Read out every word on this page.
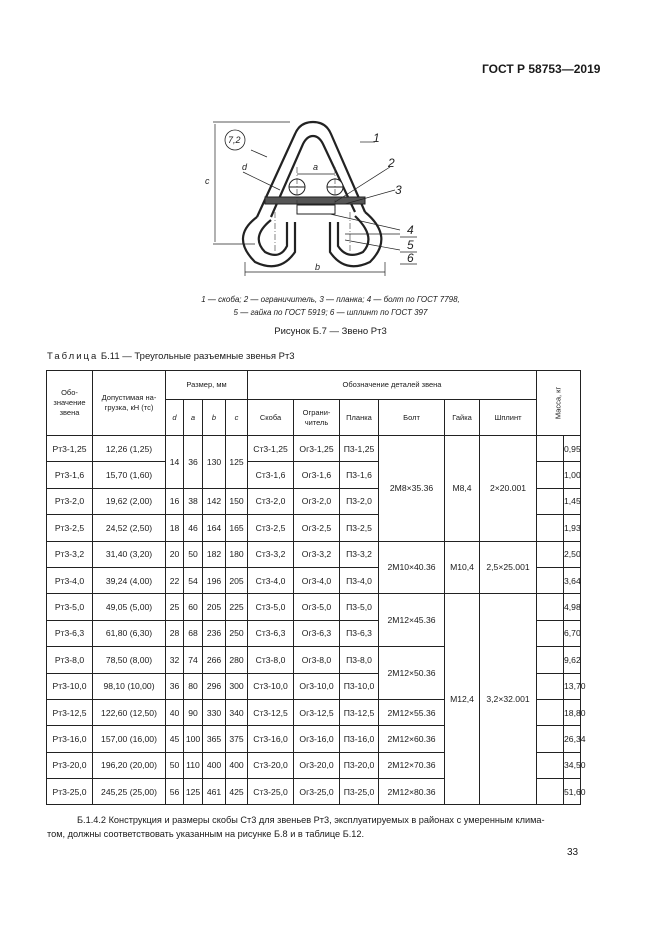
ГОСТ Р 58753—2019
7,2
c
d	a
b
1
2
3
4
5
6
1 — скоба; 2 — ограничитель, 3 — планка; 4 — болт по ГОСТ 7798,
5 — гайка по ГОСТ 5919; 6 — шплинт по ГОСТ 397
Рисунок Б.7 — Звено Рт3
Таблица Б.11 — Треугольные разъемные звенья Рт3
Обо-значение звена	Допустимая на-грузка, кН (тс)	Размер, мм				Обозначение деталей звена						Масса, кг	

		d	a	b	c	Скоба	Ограни-читель	Планка	Болт	Гайка	Шплинт		
Рт3-1,25	12,26 (1,25)	14	36	130	125	Ст3-1,25	Ог3-1,25	П3-1,25	2М8×35.36	М8,4	2×20.001		0,95
Рт3-1,6	15,70 (1,60)					Ст3-1,6	Ог3-1,6	П3-1,6					1,00
Рт3-2,0	19,62 (2,00)	16	38	142	150	Ст3-2,0	Ог3-2,0	П3-2,0					1,45
Рт3-2,5	24,52 (2,50)	18	46	164	165	Ст3-2,5	Ог3-2,5	П3-2,5					1,93
Рт3-3,2	31,40 (3,20)	20	50	182	180	Ст3-3,2	Ог3-3,2	П3-3,2	2М10×40.36	М10,4	2,5×25.001		2,50
Рт3-4,0	39,24 (4,00)	22	54	196	205	Ст3-4,0	Ог3-4,0	П3-4,0					3,64
Рт3-5,0	49,05 (5,00)	25	60	205	225	Ст3-5,0	Ог3-5,0	П3-5,0	2М12×45.36	М12,4	3,2×32.001		4,98
Рт3-6,3	61,80 (6,30)	28	68	236	250	Ст3-6,3	Ог3-6,3	П3-6,3					6,70
Рт3-8,0	78,50 (8,00)	32	74	266	280	Ст3-8,0	Ог3-8,0	П3-8,0	2М12×50.36				9,62
Рт3-10,0	98,10 (10,00)	36	80	296	300	Ст3-10,0	Ог3-10,0	П3-10,0					13,70
Рт3-12,5	122,60 (12,50)	40	90	330	340	Ст3-12,5	Ог3-12,5	П3-12,5	2М12×55.36				18,80
Рт3-16,0	157,00 (16,00)	45	100	365	375	Ст3-16,0	Ог3-16,0	П3-16,0	2М12×60.36				26,34
Рт3-20,0	196,20 (20,00)	50	110	400	400	Ст3-20,0	Ог3-20,0	П3-20,0	2М12×70.36				34,50
Рт3-25,0	245,25 (25,00)	56	125	461	425	Ст3-25,0	Ог3-25,0	П3-25,0	2М12×80.36				51,60
Б.1.4.2 Конструкция и размеры скобы Ст3 для звеньев Рт3, эксплуатируемых в районах с умеренным клима-
том, должны соответствовать указанным на рисунке Б.8 и в таблице Б.12.
33
